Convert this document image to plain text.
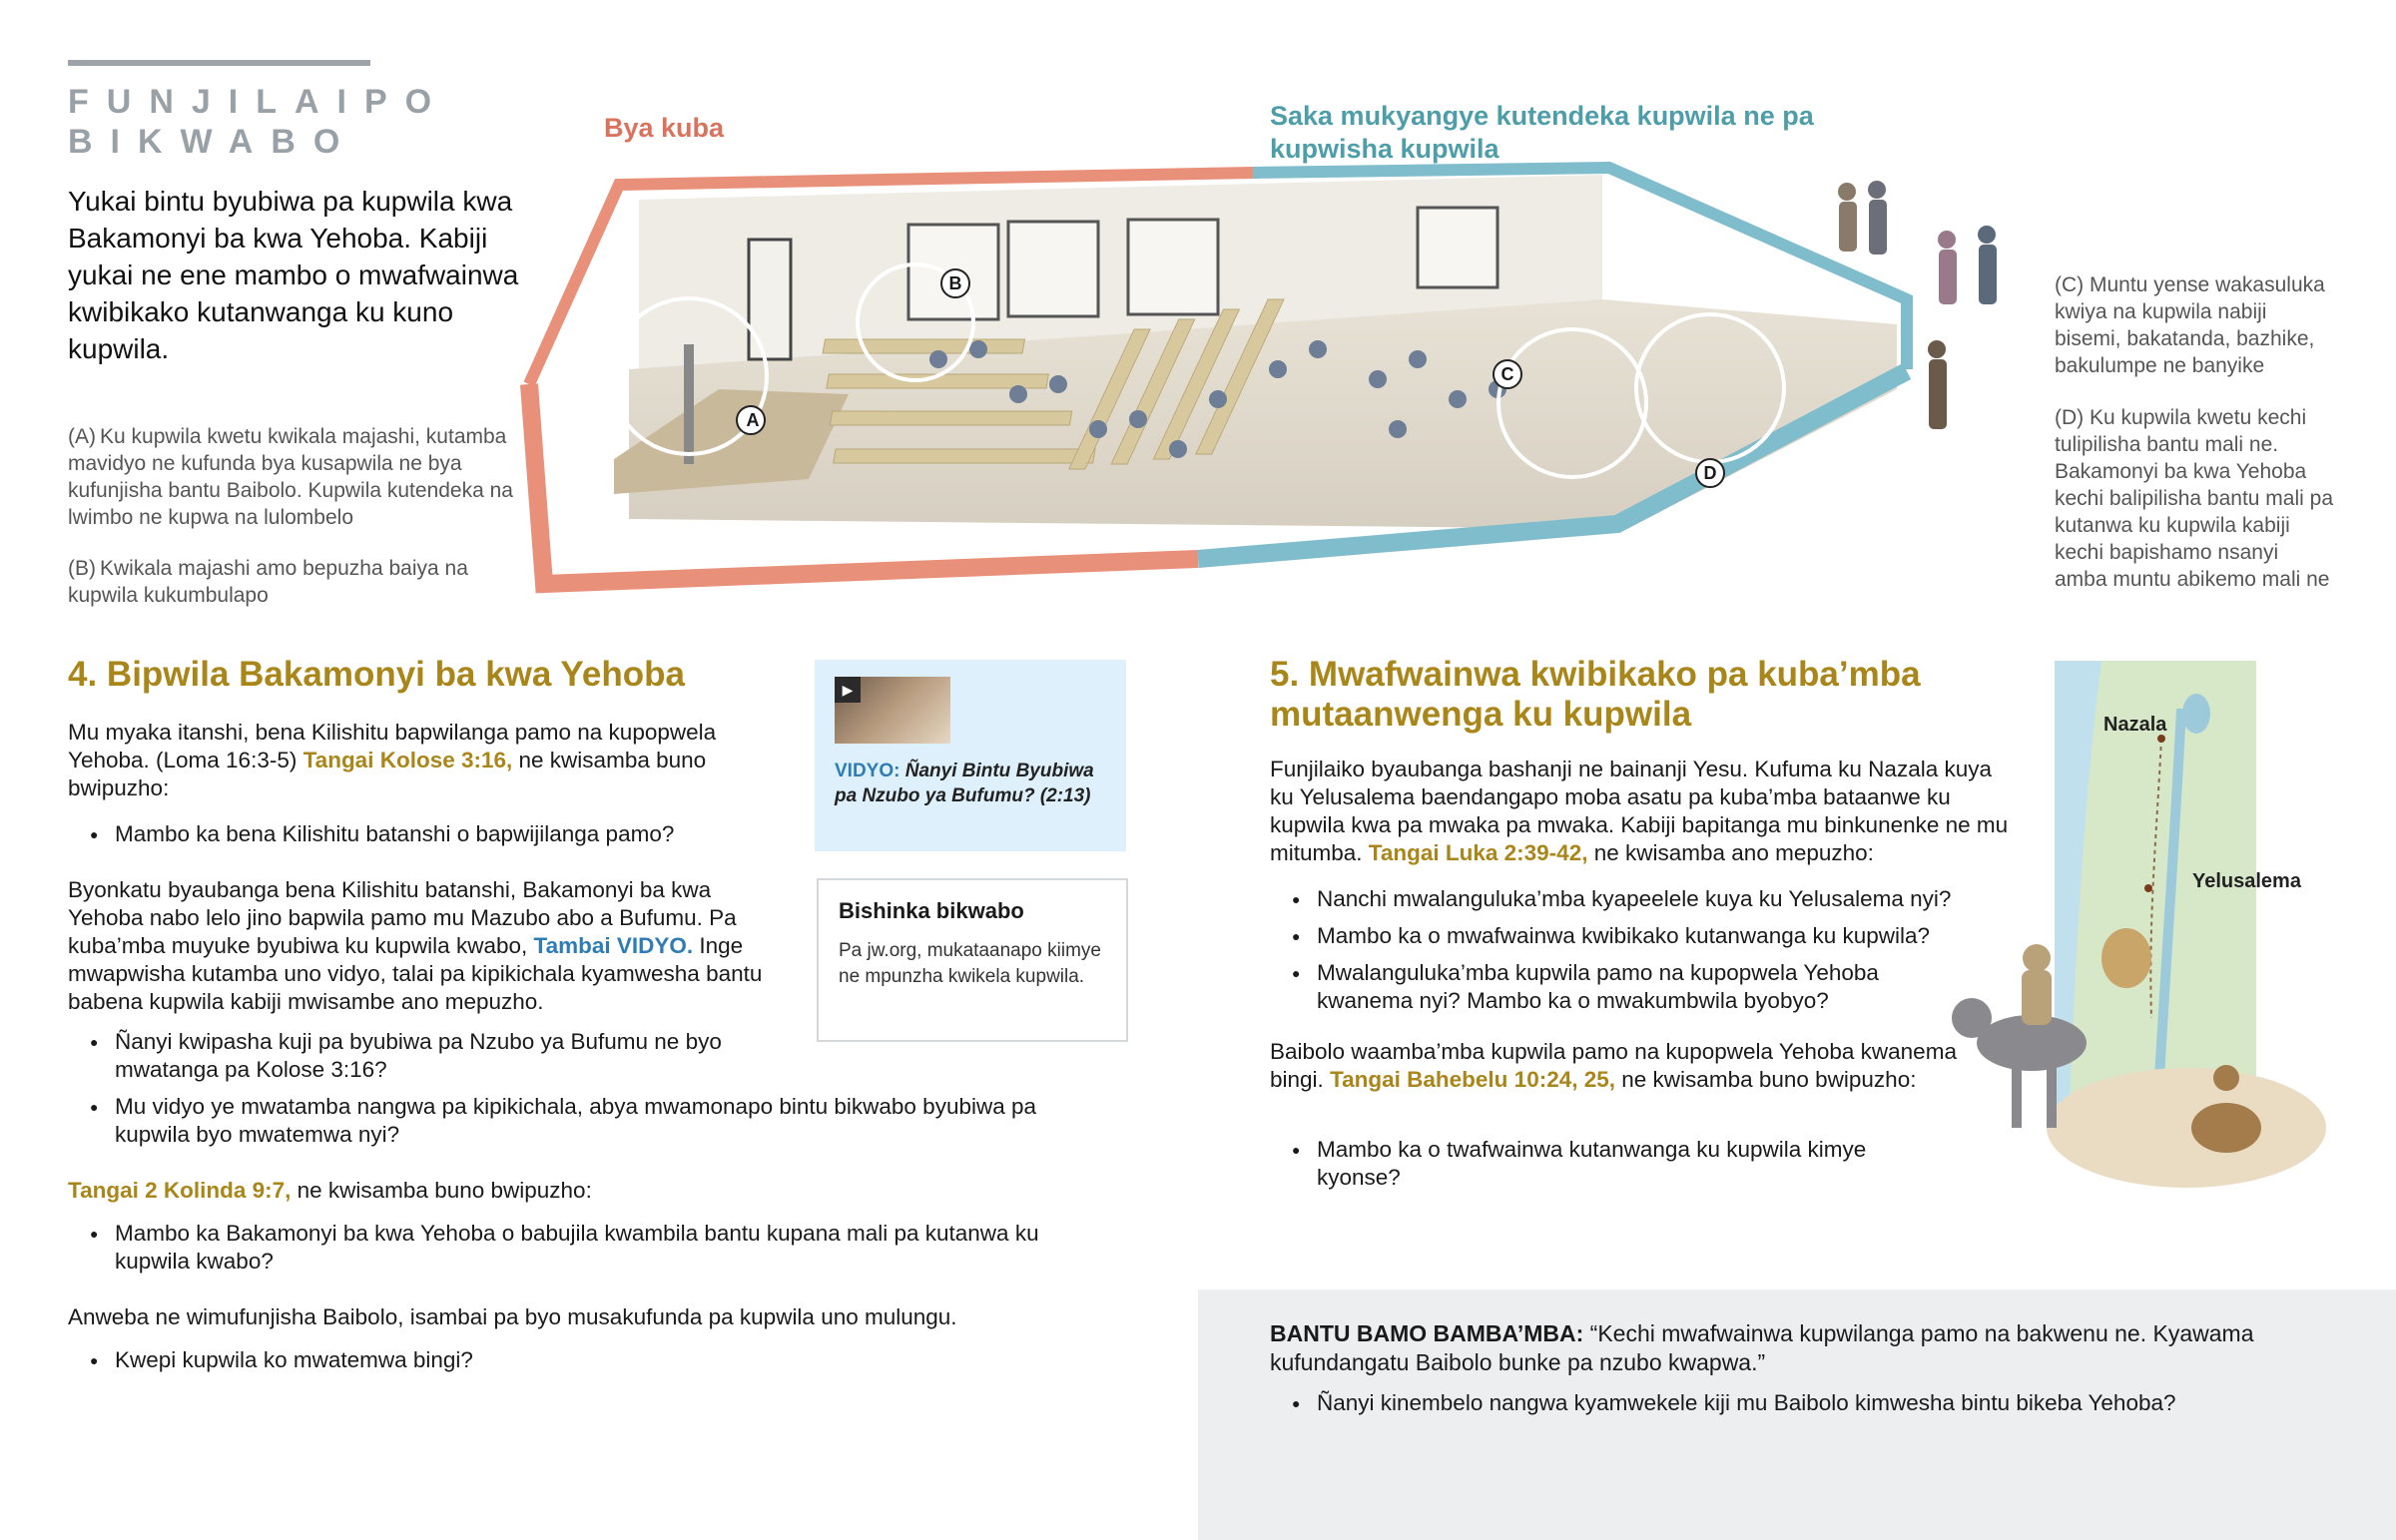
FUNJILAIPO BIKWABO
Yukai bintu byubiwa pa kupwila kwa Bakamonyi ba kwa Yehoba. Kabiji yukai ne ene mambo o mwafwainwa kwibikako kutanwanga ku kuno kupwila.
(A) Ku kupwila kwetu kwikala majashi, kutamba mavidyo ne kufunda bya kusapwila ne bya kufunjisha bantu Baibolo. Kupwila kutendeka na lwimbo ne kupwa na lulombelo
(B) Kwikala majashi amo bepuzha baiya na kupwila kukumbulapo
Bya kuba	Saka mukyangye kutendeka kupwila ne pa kupwisha kupwila
A
B
C
D
(C) Muntu yense wakasuluka kwiya na kupwila nabiji bisemi, bakatanda, bazhike, bakulumpe ne banyike
(D) Ku kupwila kwetu kechi tulipilisha bantu mali ne. Bakamonyi ba kwa Yehoba kechi balipilisha bantu mali pa kutanwa ku kupwila kabiji kechi bapishamo nsanyi amba muntu abikemo mali ne
4. Bipwila Bakamonyi ba kwa Yehoba
Mu myaka itanshi, bena Kilishitu bapwilanga pamo na kupopwela Yehoba. (Loma 16:3-5) Tangai Kolose 3:16, ne kwisamba buno bwipuzho:
● Mambo ka bena Kilishitu batanshi o bapwijilanga pamo?
Byonkatu byaubanga bena Kilishitu batanshi, Bakamonyi ba kwa Yehoba nabo lelo jino bapwila pamo mu Mazubo abo a Bufumu. Pa kuba’mba muyuke byubiwa ku kupwila kwabo, Tambai VIDYO. Inge mwapwisha kutamba uno vidyo, talai pa kipikichala kyamwesha bantu babena kupwila kabiji mwisambe ano mepuzho.
● Ñanyi kwipasha kuji pa byubiwa pa Nzubo ya Bufumu ne byo mwatanga pa Kolose 3:16?
● Mu vidyo ye mwatamba nangwa pa kipikichala, abya mwamonapo bintu bikwabo byubiwa pa kupwila byo mwatemwa nyi?
Tangai 2 Kolinda 9:7, ne kwisamba buno bwipuzho:
● Mambo ka Bakamonyi ba kwa Yehoba o babujila kwambila bantu kupana mali pa kutanwa ku kupwila kwabo?
Anweba ne wimufunjisha Baibolo, isambai pa byo musakufunda pa kupwila uno mulungu.
● Kwepi kupwila ko mwatemwa bingi?
▶
VIDYO: Ñanyi Bintu Byubiwa pa Nzubo ya Bufumu? (2:13)
Bishinka bikwabo
Pa jw.org, mukataanapo kiimye ne mpunzha kwikela kupwila.
5. Mwafwainwa kwibikako pa kuba’mba mutaanwenga ku kupwila
Funjilaiko byaubanga bashanji ne bainanji Yesu. Kufuma ku Nazala kuya ku Yelusalema baendangapo moba asatu pa kuba’mba bataanwe ku kupwila kwa pa mwaka pa mwaka. Kabiji bapitanga mu binkunenke ne mu mitumba. Tangai Luka 2:39-42, ne kwisamba ano mepuzho:
● Nanchi mwalanguluka’mba kyapeelele kuya ku Yelusalema nyi?
● Mambo ka o mwafwainwa kwibikako kutanwanga ku kupwila?
● Mwalanguluka’mba kupwila pamo na kupopwela Yehoba kwanema nyi? Mambo ka o mwakumbwila byobyo?
Baibolo waamba’mba kupwila pamo na kupopwela Yehoba kwanema bingi. Tangai Bahebelu 10:24, 25, ne kwisamba buno bwipuzho:
● Mambo ka o twafwainwa kutanwanga ku kupwila kimye kyonse?
Nazala
Yelusalema
BANTU BAMO BAMBA’MBA: “Kechi mwafwainwa kupwilanga pamo na bakwenu ne. Kyawama kufundangatu Baibolo bunke pa nzubo kwapwa.”
● Ñanyi kinembelo nangwa kyamwekele kiji mu Baibolo kimwesha bintu bikeba Yehoba?
